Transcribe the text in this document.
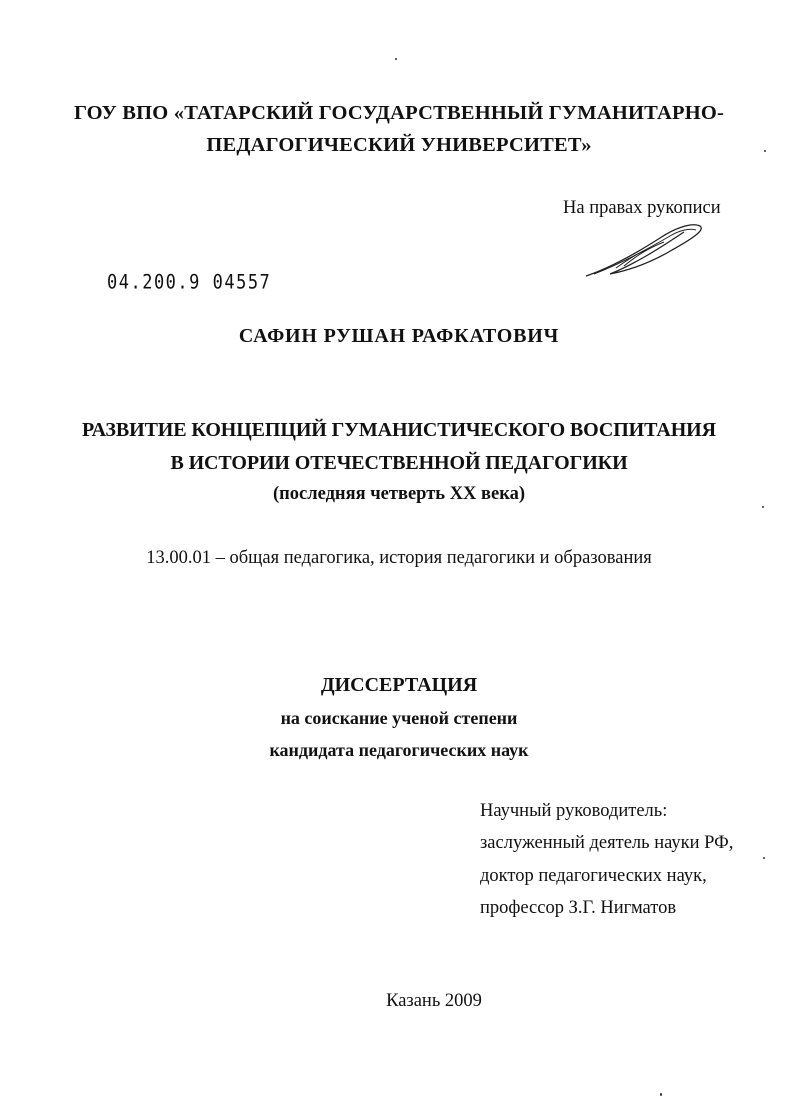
ГОУ ВПО «ТАТАРСКИЙ ГОСУДАРСТВЕННЫЙ ГУМАНИТАРНО-
ПЕДАГОГИЧЕСКИЙ УНИВЕРСИТЕТ»
На правах рукописи
04.200.9 04557
САФИН РУШАН РАФКАТОВИЧ
РАЗВИТИЕ КОНЦЕПЦИЙ ГУМАНИСТИЧЕСКОГО ВОСПИТАНИЯ
В ИСТОРИИ ОТЕЧЕСТВЕННОЙ ПЕДАГОГИКИ
(последняя четверть XX века)
13.00.01 – общая педагогика, история педагогики и образования
ДИССЕРТАЦИЯ
на соискание ученой степени
кандидата педагогических наук
Научный руководитель:
заслуженный деятель науки РФ,
доктор педагогических наук,
профессор З.Г. Нигматов
Казань 2009
